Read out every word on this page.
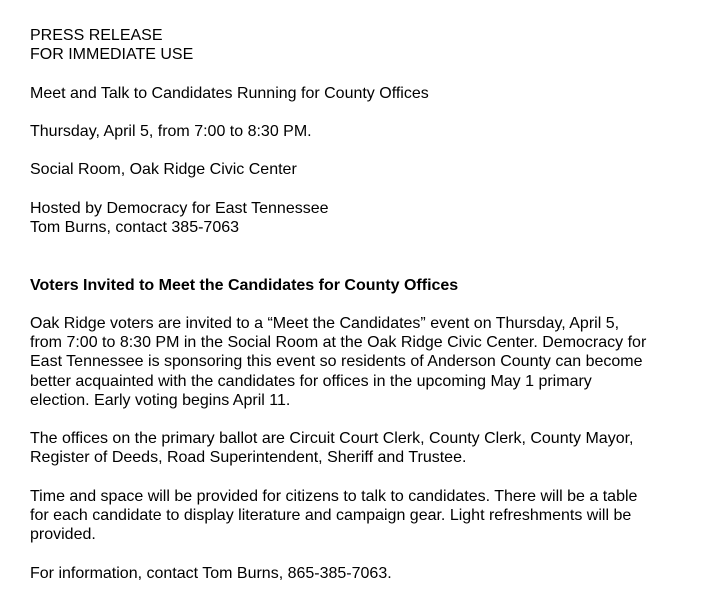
PRESS RELEASE

FOR IMMEDIATE USE

Meet and Talk to Candidates Running for County Offices

Thursday, April 5, from 7:00 to 8:30 PM.

Social Room, Oak Ridge Civic Center

Hosted by Democracy for East Tennessee

Tom Burns, contact 385-7063

Voters Invited to Meet the Candidates for County Offices

Oak Ridge voters are invited to a “Meet the Candidates” event on Thursday, April 5,

from 7:00 to 8:30 PM in the Social Room at the Oak Ridge Civic Center. Democracy for

East Tennessee is sponsoring this event so residents of Anderson County can become

better acquainted with the candidates for offices in the upcoming May 1 primary

election. Early voting begins April 11.

The offices on the primary ballot are Circuit Court Clerk, County Clerk, County Mayor,

Register of Deeds, Road Superintendent, Sheriff and Trustee.

Time and space will be provided for citizens to talk to candidates. There will be a table

for each candidate to display literature and campaign gear. Light refreshments will be

provided.

For information, contact Tom Burns, 865-385-7063.
